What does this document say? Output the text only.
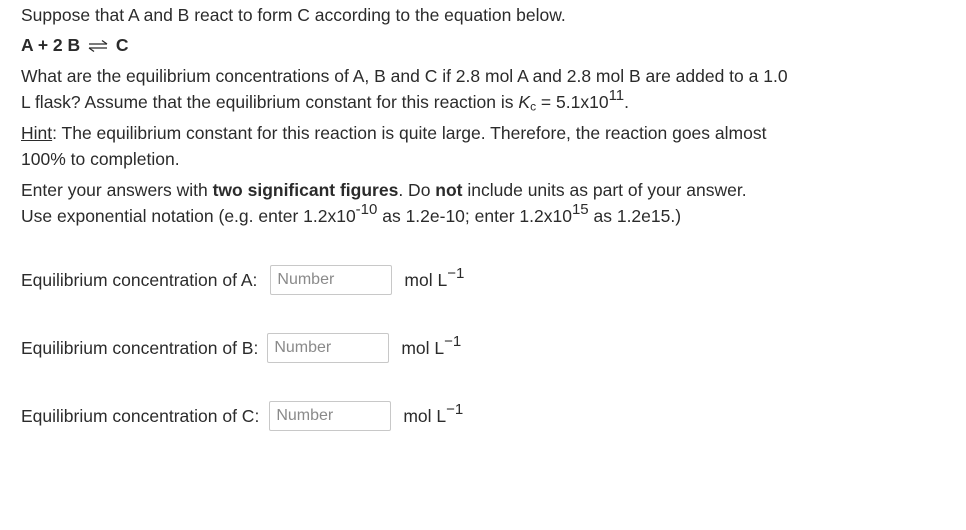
Suppose that A and B react to form C according to the equation below.
A + 2 B ⇌ C
What are the equilibrium concentrations of A, B and C if 2.8 mol A and 2.8 mol B are added to a 1.0
L flask? Assume that the equilibrium constant for this reaction is $K_c = 5.1x10^{11}$.
Hint: The equilibrium constant for this reaction is quite large. Therefore, the reaction goes almost
100% to completion.
Enter your answers with two significant figures. Do not include units as part of your answer.
Use exponential notation (e.g. enter $1.2x10^{-10}$ as 1.2e-10; enter $1.2x10^{15}$ as 1.2e15.)
Equilibrium concentration of A:
Number	mol $L^{-1}$
Equilibrium concentration of B:
Number	mol $L^{-1}$
Equilibrium concentration of C:
Number	mol $L^{-1}$
